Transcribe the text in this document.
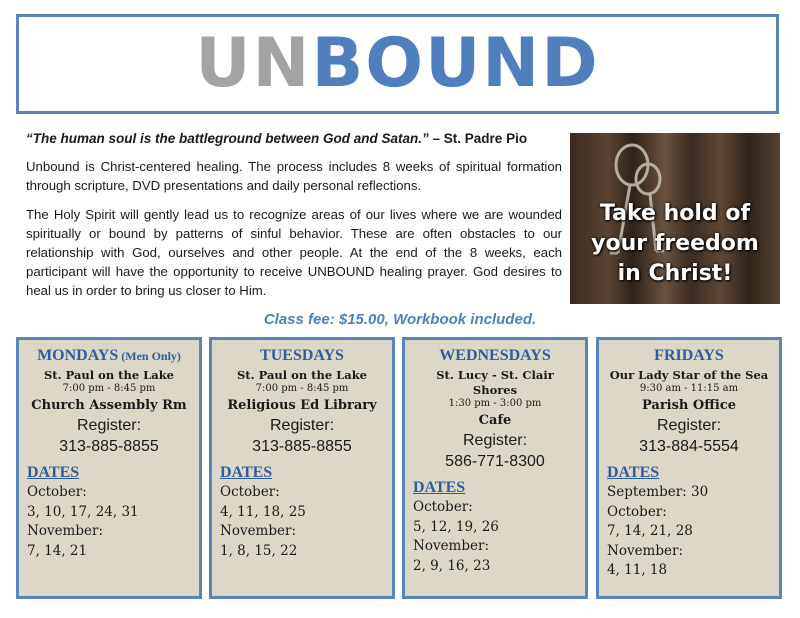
UNBOUND
“The human soul is the battleground between God and Satan.” – St. Padre Pio

Unbound is Christ-centered healing. The process includes 8 weeks of spiritual formation through scripture, DVD presentations and daily personal reflections.

The Holy Spirit will gently lead us to recognize areas of our lives where we are wounded spiritually or bound by patterns of sinful behavior. These are often obstacles to our relationship with God, ourselves and other people. At the end of the 8 weeks, each participant will have the opportunity to receive UNBOUND healing prayer. God desires to heal us in order to bring us closer to Him.

Take hold of
your freedom
in Christ!
Class fee: $15.00, Workbook included.
MONDAYS (Men Only)
St. Paul on the Lake
7:00 pm - 8:45 pm
Church Assembly Rm
Register:
313-885-8855
DATES
October:
3, 10, 17, 24, 31
November:
7, 14, 21
TUESDAYS
St. Paul on the Lake
7:00 pm - 8:45 pm
Religious Ed Library
Register:
313-885-8855
DATES
October:
4, 11, 18, 25
November:
1, 8, 15, 22
WEDNESDAYS
St. Lucy - St. Clair Shores
1:30 pm - 3:00 pm
Cafe
Register:
586-771-8300
DATES
October:
5, 12, 19, 26
November:
2, 9, 16, 23
FRIDAYS
Our Lady Star of the Sea
9:30 am - 11:15 am
Parish Office
Register:
313-884-5554
DATES
September: 30
October:
7, 14, 21, 28
November:
4, 11, 18
